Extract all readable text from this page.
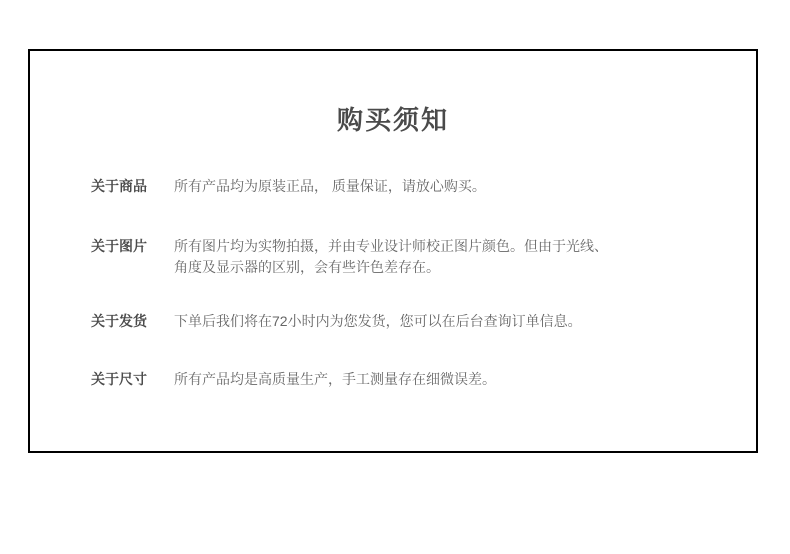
购买须知
关于商品	所有产品均为原装正品， 质量保证，请放心购买。
关于图片	所有图片均为实物拍摄，并由专业设计师校正图片颜色。但由于光线、
角度及显示器的区别，会有些许色差存在。
关于发货	下单后我们将在72小时内为您发货，您可以在后台查询订单信息。
关于尺寸	所有产品均是高质量生产，手工测量存在细微误差。
